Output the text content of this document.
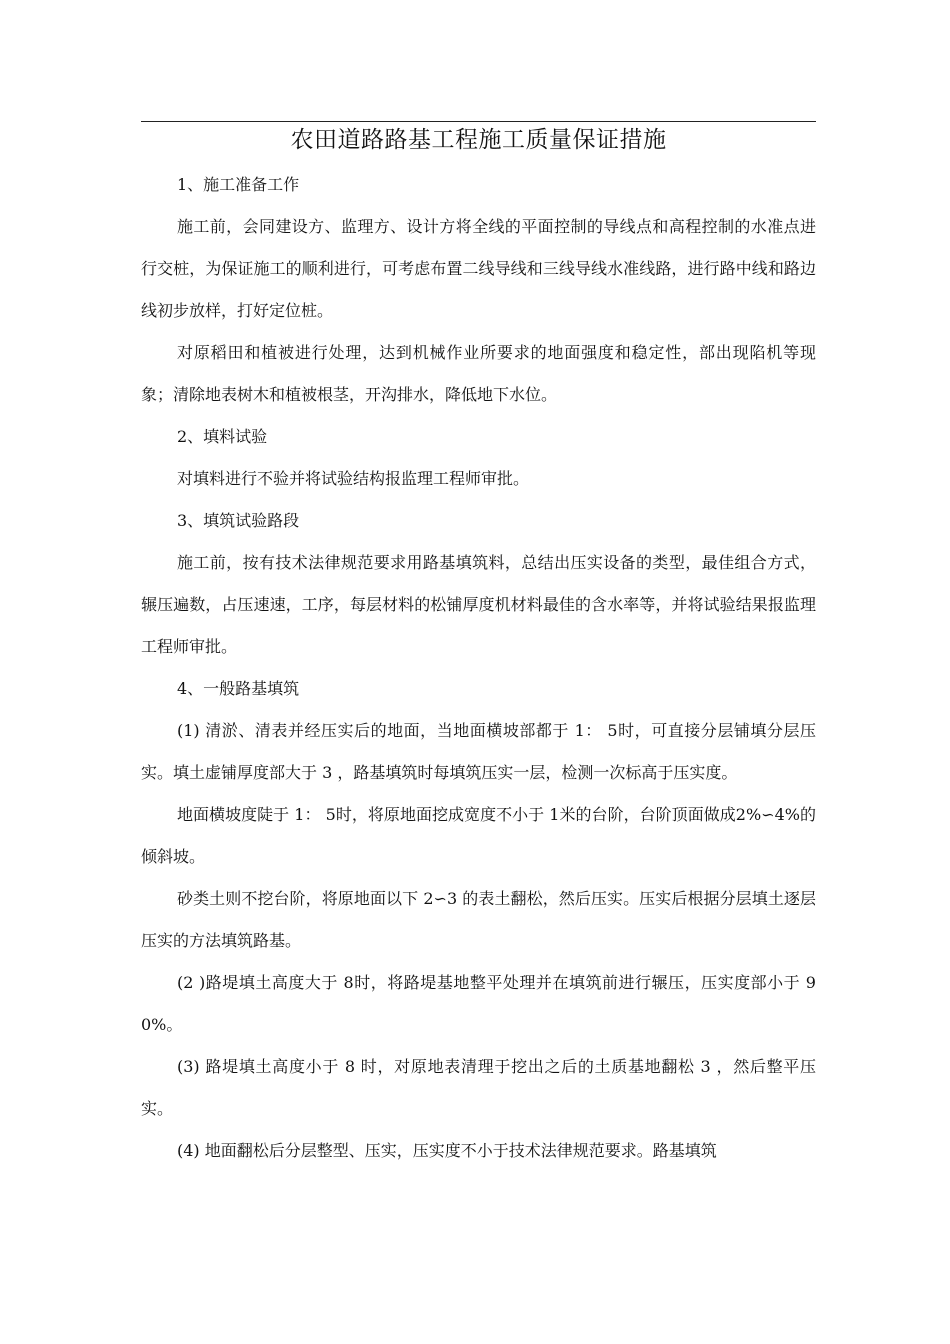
农田道路路基工程施工质量保证措施

1、施工准备工作

施工前，会同建设方、监理方、设计方将全线的平面控制的导线点和高程控制的水准点进行交桩，为保证施工的顺利进行，可考虑布置二线导线和三线导线水准线路，进行路中线和路边线初步放样，打好定位桩。

对原稻田和植被进行处理，达到机械作业所要求的地面强度和稳定性，部出现陷机等现象；清除地表树木和植被根茎，开沟排水，降低地下水位。

2、填料试验

对填料进行不验并将试验结构报监理工程师审批。

3、填筑试验路段

施工前，按有技术法律规范要求用路基填筑料，总结出压实设备的类型，最佳组合方式，辗压遍数，占压速速，工序，每层材料的松铺厚度机材料最佳的含水率等，并将试验结果报监理工程师审批。

4、一般路基填筑

(1) 清淤、清表并经压实后的地面，当地面横坡部都于 1： 5时，可直接分层铺填分层压实。填土虚铺厚度部大于 3 ，路基填筑时每填筑压实一层，检测一次标高于压实度。

地面横坡度陡于 1： 5时，将原地面挖成宽度不小于 1米的台阶，台阶顶面做成2%∽4%的倾斜坡。

砂类土则不挖台阶，将原地面以下 2∽3 的表土翻松，然后压实。压实后根据分层填土逐层压实的方法填筑路基。

(2 )路堤填土高度大于 8时，将路堤基地整平处理并在填筑前进行辗压，压实度部小于 90%。

(3) 路堤填土高度小于 8 时，对原地表清理于挖出之后的土质基地翻松 3 ，然后整平压实。

(4) 地面翻松后分层整型、压实，压实度不小于技术法律规范要求。路基填筑
